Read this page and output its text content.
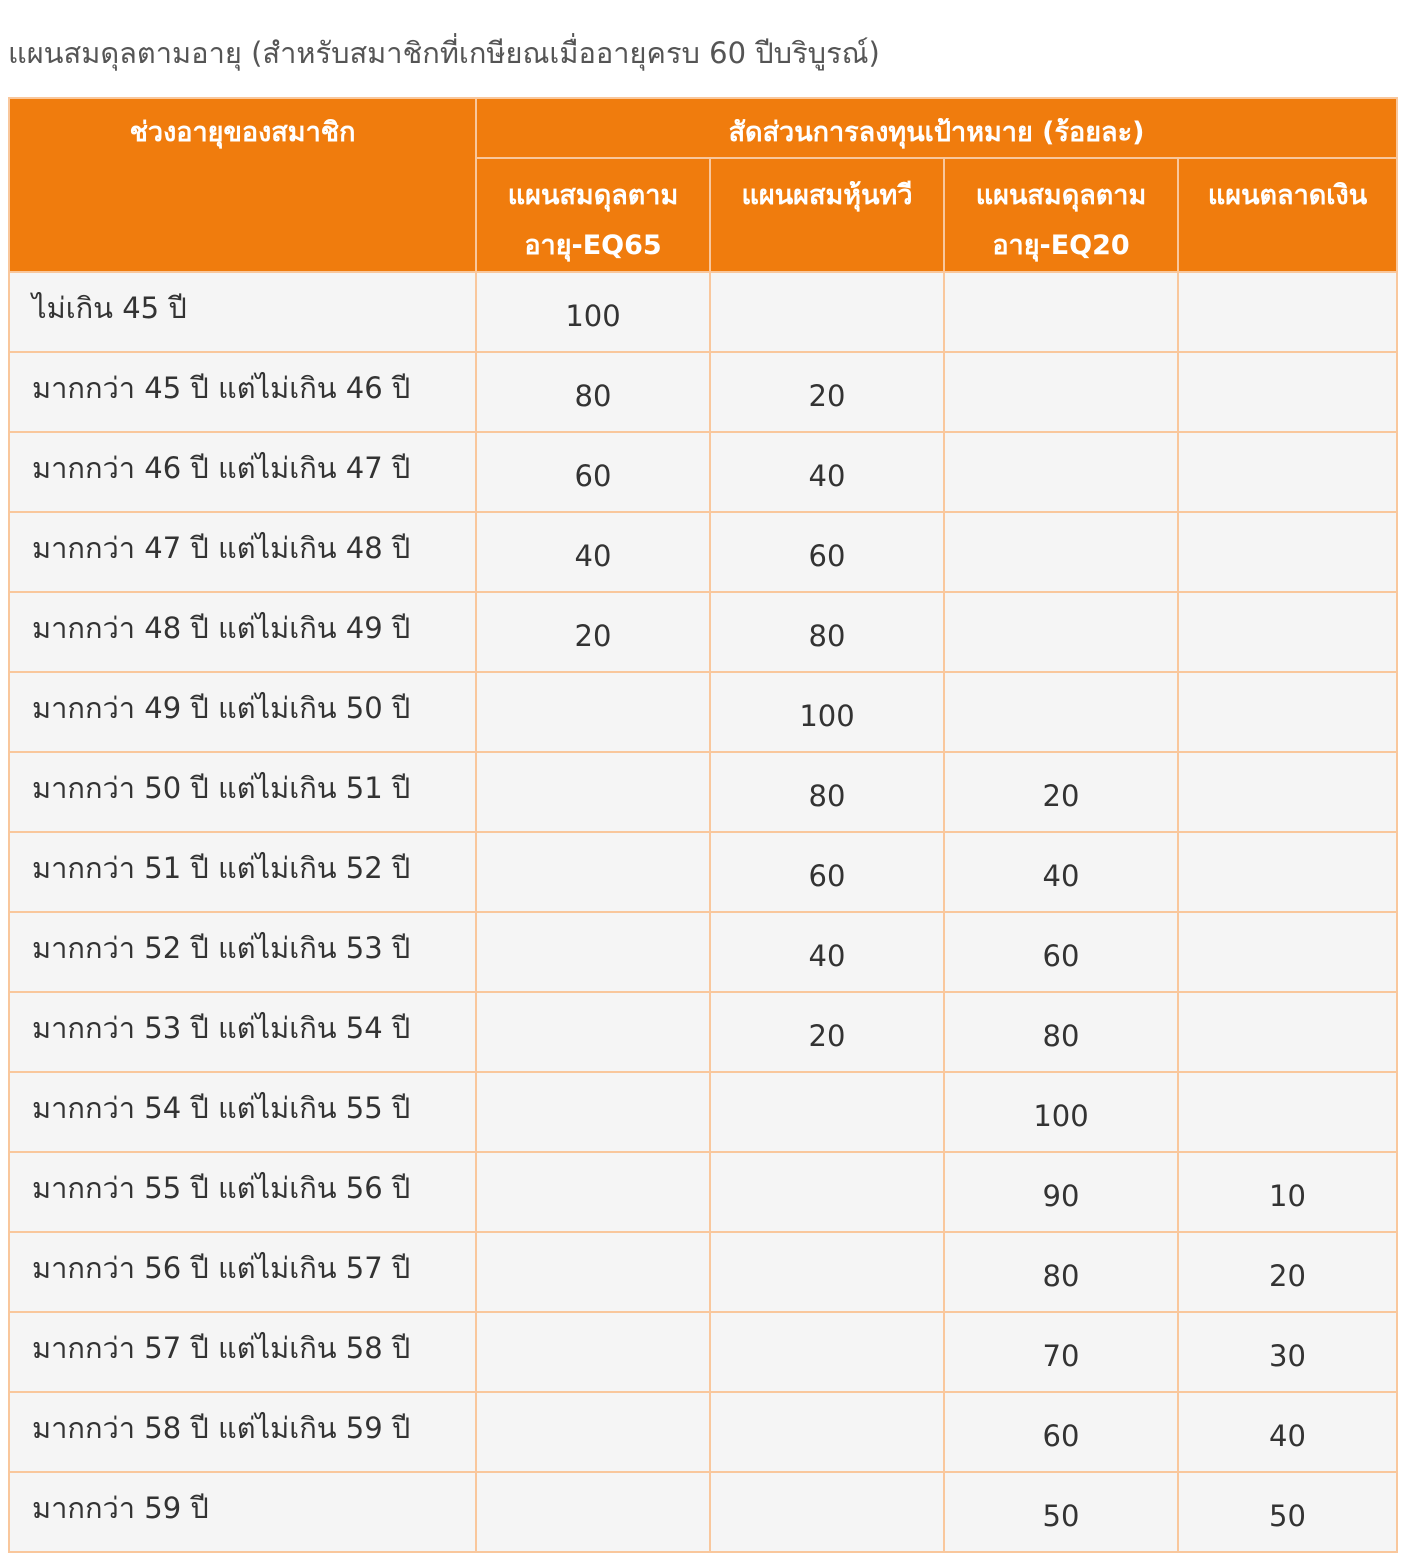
แผนสมดุลตามอายุ (สำหรับสมาชิกที่เกษียณเมื่ออายุครบ 60 ปีบริบูรณ์)
ช่วงอายุของสมาชิก	สัดส่วนการลงทุนเป้าหมาย (ร้อยละ)			
	แผนสมดุลตามอายุ-EQ65	แผนผสมหุ้นทวี	แผนสมดุลตามอายุ-EQ20	แผนตลาดเงิน
ไม่เกิน 45 ปี	100			
มากกว่า 45 ปี แต่ไม่เกิน 46 ปี	80	20		
มากกว่า 46 ปี แต่ไม่เกิน 47 ปี	60	40		
มากกว่า 47 ปี แต่ไม่เกิน 48 ปี	40	60		
มากกว่า 48 ปี แต่ไม่เกิน 49 ปี	20	80		
มากกว่า 49 ปี แต่ไม่เกิน 50 ปี		100		
มากกว่า 50 ปี แต่ไม่เกิน 51 ปี		80	20	
มากกว่า 51 ปี แต่ไม่เกิน 52 ปี		60	40	
มากกว่า 52 ปี แต่ไม่เกิน 53 ปี		40	60	
มากกว่า 53 ปี แต่ไม่เกิน 54 ปี		20	80	
มากกว่า 54 ปี แต่ไม่เกิน 55 ปี			100	
มากกว่า 55 ปี แต่ไม่เกิน 56 ปี			90	10
มากกว่า 56 ปี แต่ไม่เกิน 57 ปี			80	20
มากกว่า 57 ปี แต่ไม่เกิน 58 ปี			70	30
มากกว่า 58 ปี แต่ไม่เกิน 59 ปี			60	40
มากกว่า 59 ปี			50	50
